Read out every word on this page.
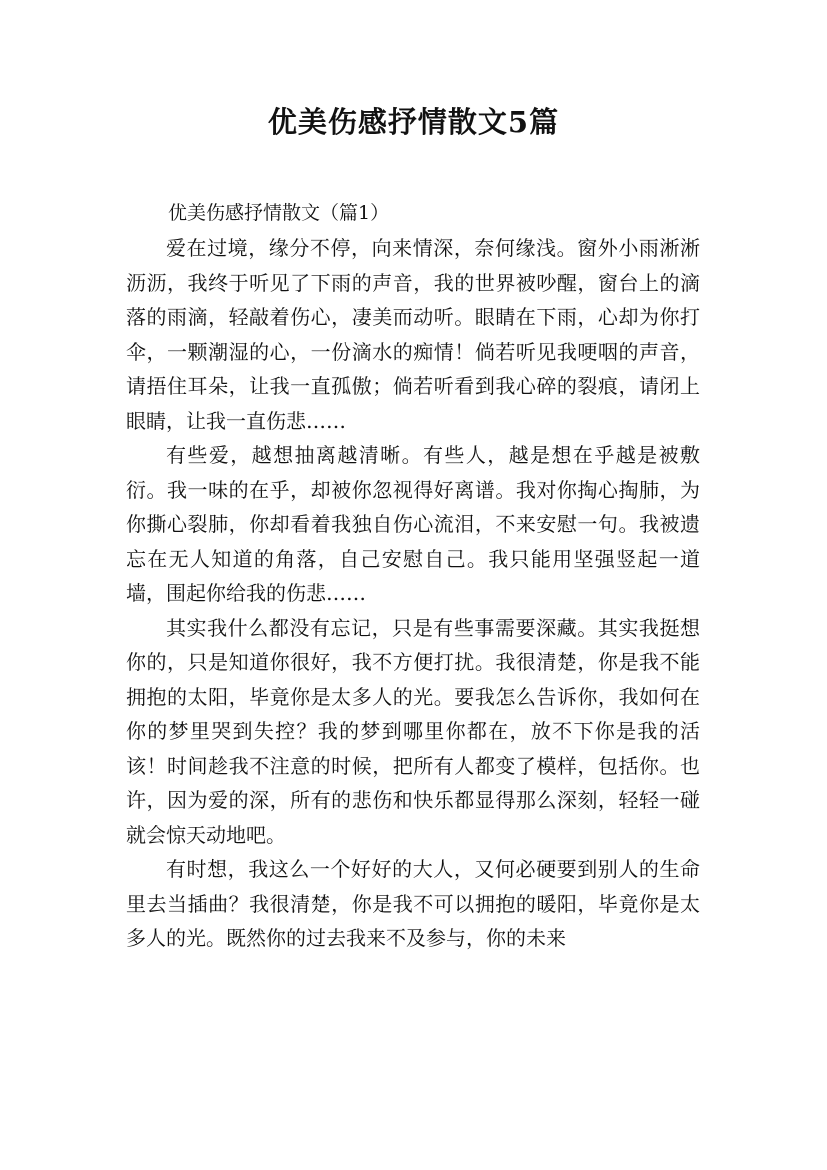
优美伤感抒情散文5篇

优美伤感抒情散文（篇1）

爱在过境，缘分不停，向来情深，奈何缘浅。窗外小雨淅淅沥沥，我终于听见了下雨的声音，我的世界被吵醒，窗台上的滴落的雨滴，轻敲着伤心，凄美而动听。眼睛在下雨，心却为你打伞，一颗潮湿的心，一份滴水的痴情！倘若听见我哽咽的声音，请捂住耳朵，让我一直孤傲；倘若听看到我心碎的裂痕，请闭上眼睛，让我一直伤悲……

有些爱，越想抽离越清晰。有些人，越是想在乎越是被敷衍。我一味的在乎，却被你忽视得好离谱。我对你掏心掏肺，为你撕心裂肺，你却看着我独自伤心流泪，不来安慰一句。我被遗忘在无人知道的角落，自己安慰自己。我只能用坚强竖起一道墙，围起你给我的伤悲……

其实我什么都没有忘记，只是有些事需要深藏。其实我挺想你的，只是知道你很好，我不方便打扰。我很清楚，你是我不能拥抱的太阳，毕竟你是太多人的光。要我怎么告诉你，我如何在你的梦里哭到失控？我的梦到哪里你都在，放不下你是我的活该！时间趁我不注意的时候，把所有人都变了模样，包括你。也许，因为爱的深，所有的悲伤和快乐都显得那么深刻，轻轻一碰就会惊天动地吧。

有时想，我这么一个好好的大人，又何必硬要到别人的生命里去当插曲？我很清楚，你是我不可以拥抱的暖阳，毕竟你是太多人的光。既然你的过去我来不及参与，你的未来
